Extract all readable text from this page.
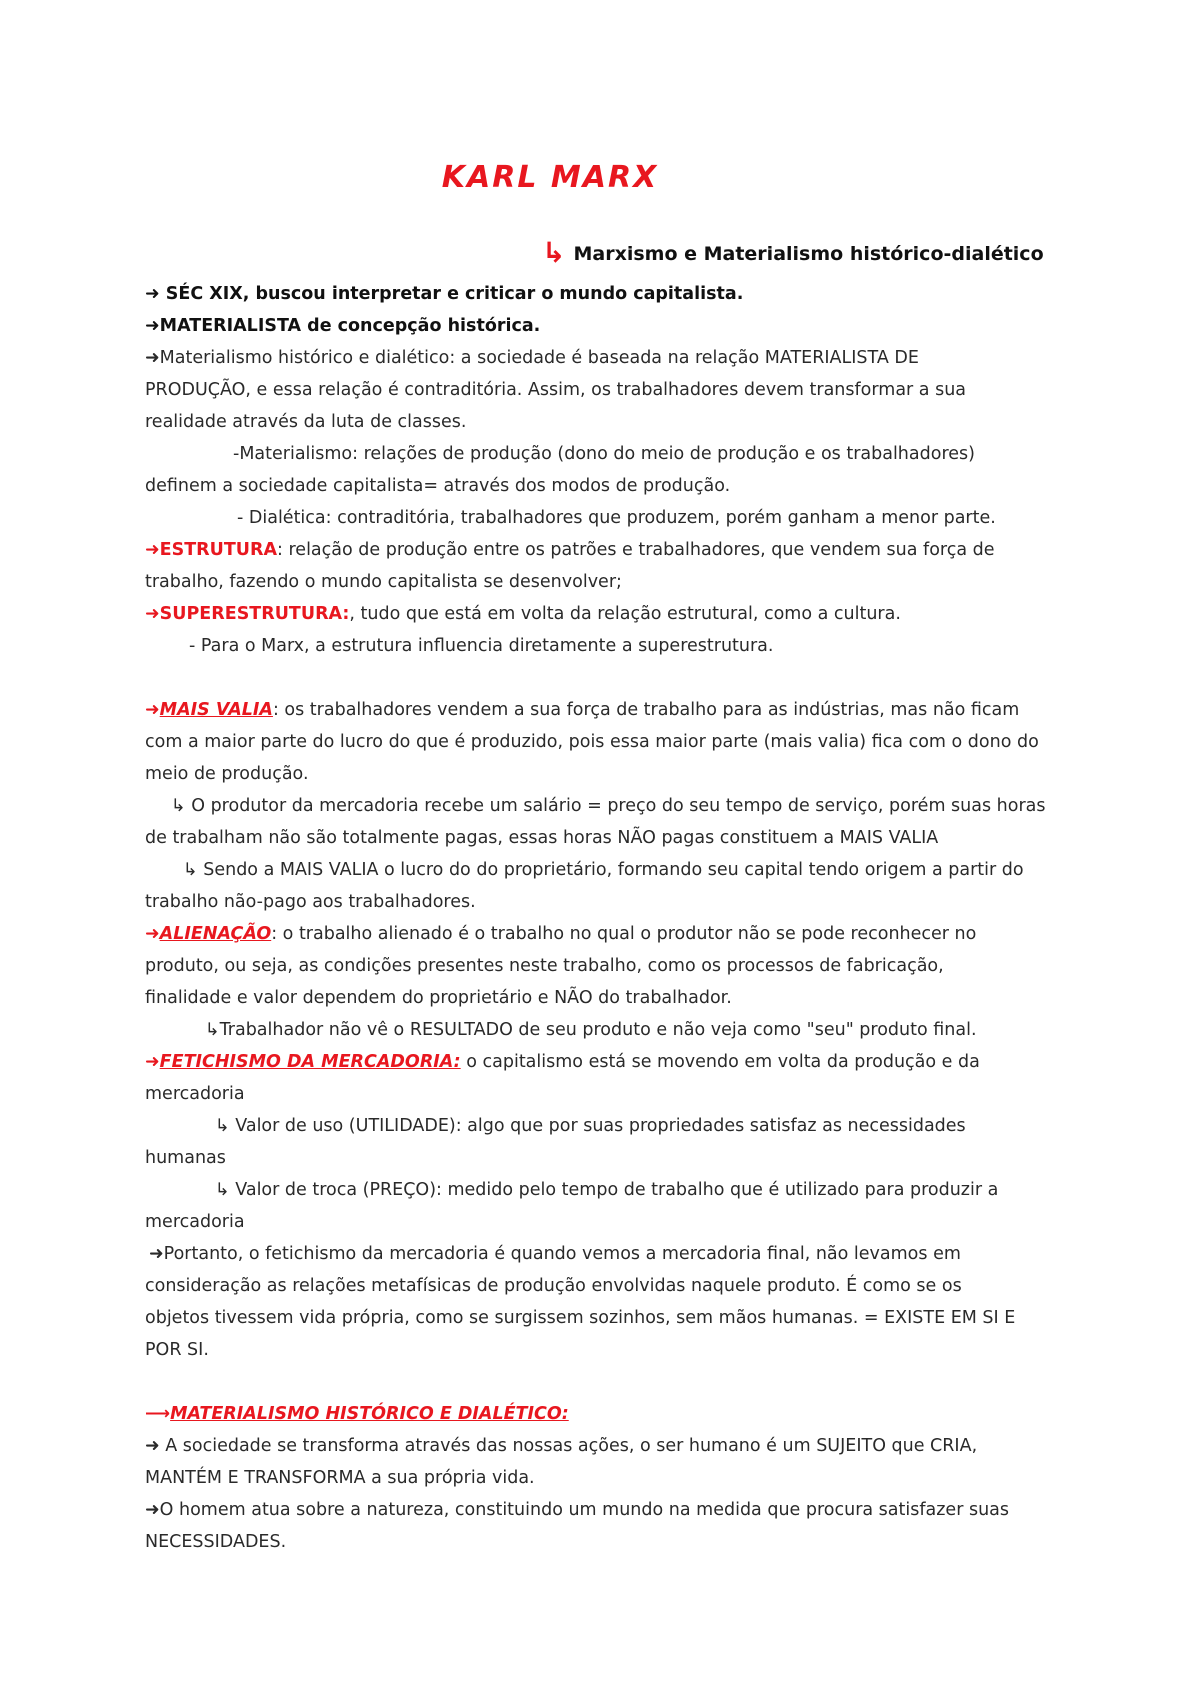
KARL MARX
↳ Marxismo e Materialismo histórico-dialético
➜ SÉC XIX, buscou interpretar e criticar o mundo capitalista.
➜MATERIALISTA de concepção histórica.
➜Materialismo histórico e dialético: a sociedade é baseada na relação MATERIALISTA DE
PRODUÇÃO, e essa relação é contraditória. Assim, os trabalhadores devem transformar a sua
realidade através da luta de classes.
-Materialismo: relações de produção (dono do meio de produção e os trabalhadores)
definem a sociedade capitalista= através dos modos de produção.
- Dialética: contraditória, trabalhadores que produzem, porém ganham a menor parte.
➜ESTRUTURA: relação de produção entre os patrões e trabalhadores, que vendem sua força de
trabalho, fazendo o mundo capitalista se desenvolver;
➜SUPERESTRUTURA:, tudo que está em volta da relação estrutural, como a cultura.
- Para o Marx, a estrutura influencia diretamente a superestrutura.
➜MAIS VALIA: os trabalhadores vendem a sua força de trabalho para as indústrias, mas não ficam
com a maior parte do lucro do que é produzido, pois essa maior parte (mais valia) fica com o dono do
meio de produção.
↳ O produtor da mercadoria recebe um salário = preço do seu tempo de serviço, porém suas horas
de trabalham não são totalmente pagas, essas horas NÃO pagas constituem a MAIS VALIA
↳ Sendo a MAIS VALIA o lucro do do proprietário, formando seu capital tendo origem a partir do
trabalho não-pago aos trabalhadores.
➜ALIENAÇÃO: o trabalho alienado é o trabalho no qual o produtor não se pode reconhecer no
produto, ou seja, as condições presentes neste trabalho, como os processos de fabricação,
finalidade e valor dependem do proprietário e NÃO do trabalhador.
↳Trabalhador não vê o RESULTADO de seu produto e não veja como "seu" produto final.
➜FETICHISMO DA MERCADORIA: o capitalismo está se movendo em volta da produção e da
mercadoria
↳ Valor de uso (UTILIDADE): algo que por suas propriedades satisfaz as necessidades
humanas
↳ Valor de troca (PREÇO): medido pelo tempo de trabalho que é utilizado para produzir a
mercadoria
➜Portanto, o fetichismo da mercadoria é quando vemos a mercadoria final, não levamos em
consideração as relações metafísicas de produção envolvidas naquele produto. É como se os
objetos tivessem vida própria, como se surgissem sozinhos, sem mãos humanas. = EXISTE EM SI E
POR SI.
⟶MATERIALISMO HISTÓRICO E DIALÉTICO:
➜ A sociedade se transforma através das nossas ações, o ser humano é um SUJEITO que CRIA,
MANTÉM E TRANSFORMA a sua própria vida.
➜O homem atua sobre a natureza, constituindo um mundo na medida que procura satisfazer suas
NECESSIDADES.
